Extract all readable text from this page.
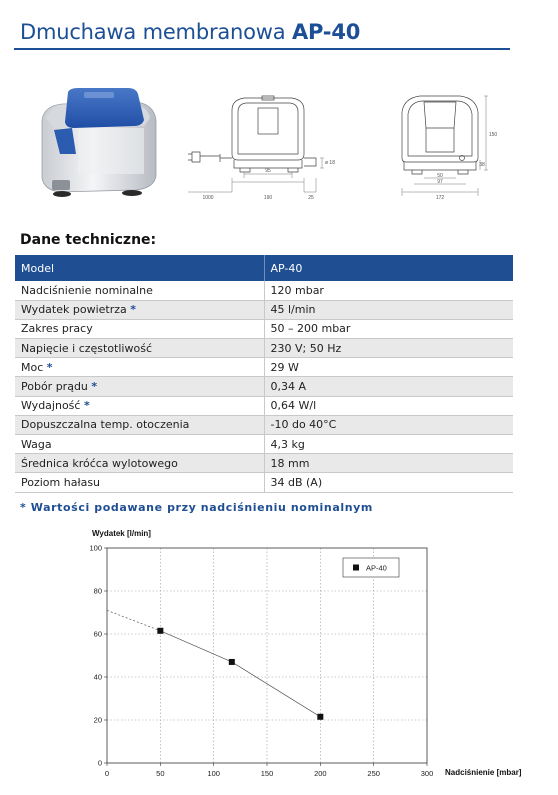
Dmuchawa membranowa AP-40
95
1000	190	25
ø 18
150
38
50
97
172
Dane techniczne:
Model	AP-40
Nadciśnienie nominalne	120 mbar
Wydatek powietrza *	45 l/min
Zakres pracy	50 – 200 mbar
Napięcie i częstotliwość	230 V; 50 Hz
Moc *	29 W
Pobór prądu *	0,34 A
Wydajność *	0,64 W/l
Dopuszczalna temp. otoczenia	-10 do 40°C
Waga	4,3 kg
Średnica króćca wylotowego	18 mm
Poziom hałasu	34 dB (A)
* Wartości podawane przy nadciśnieniu nominalnym
0	50	100	150	200	250	300
0
20
40
60
80
100
Wydatek [l/min]
Nadciśnienie [mbar]
AP-40
